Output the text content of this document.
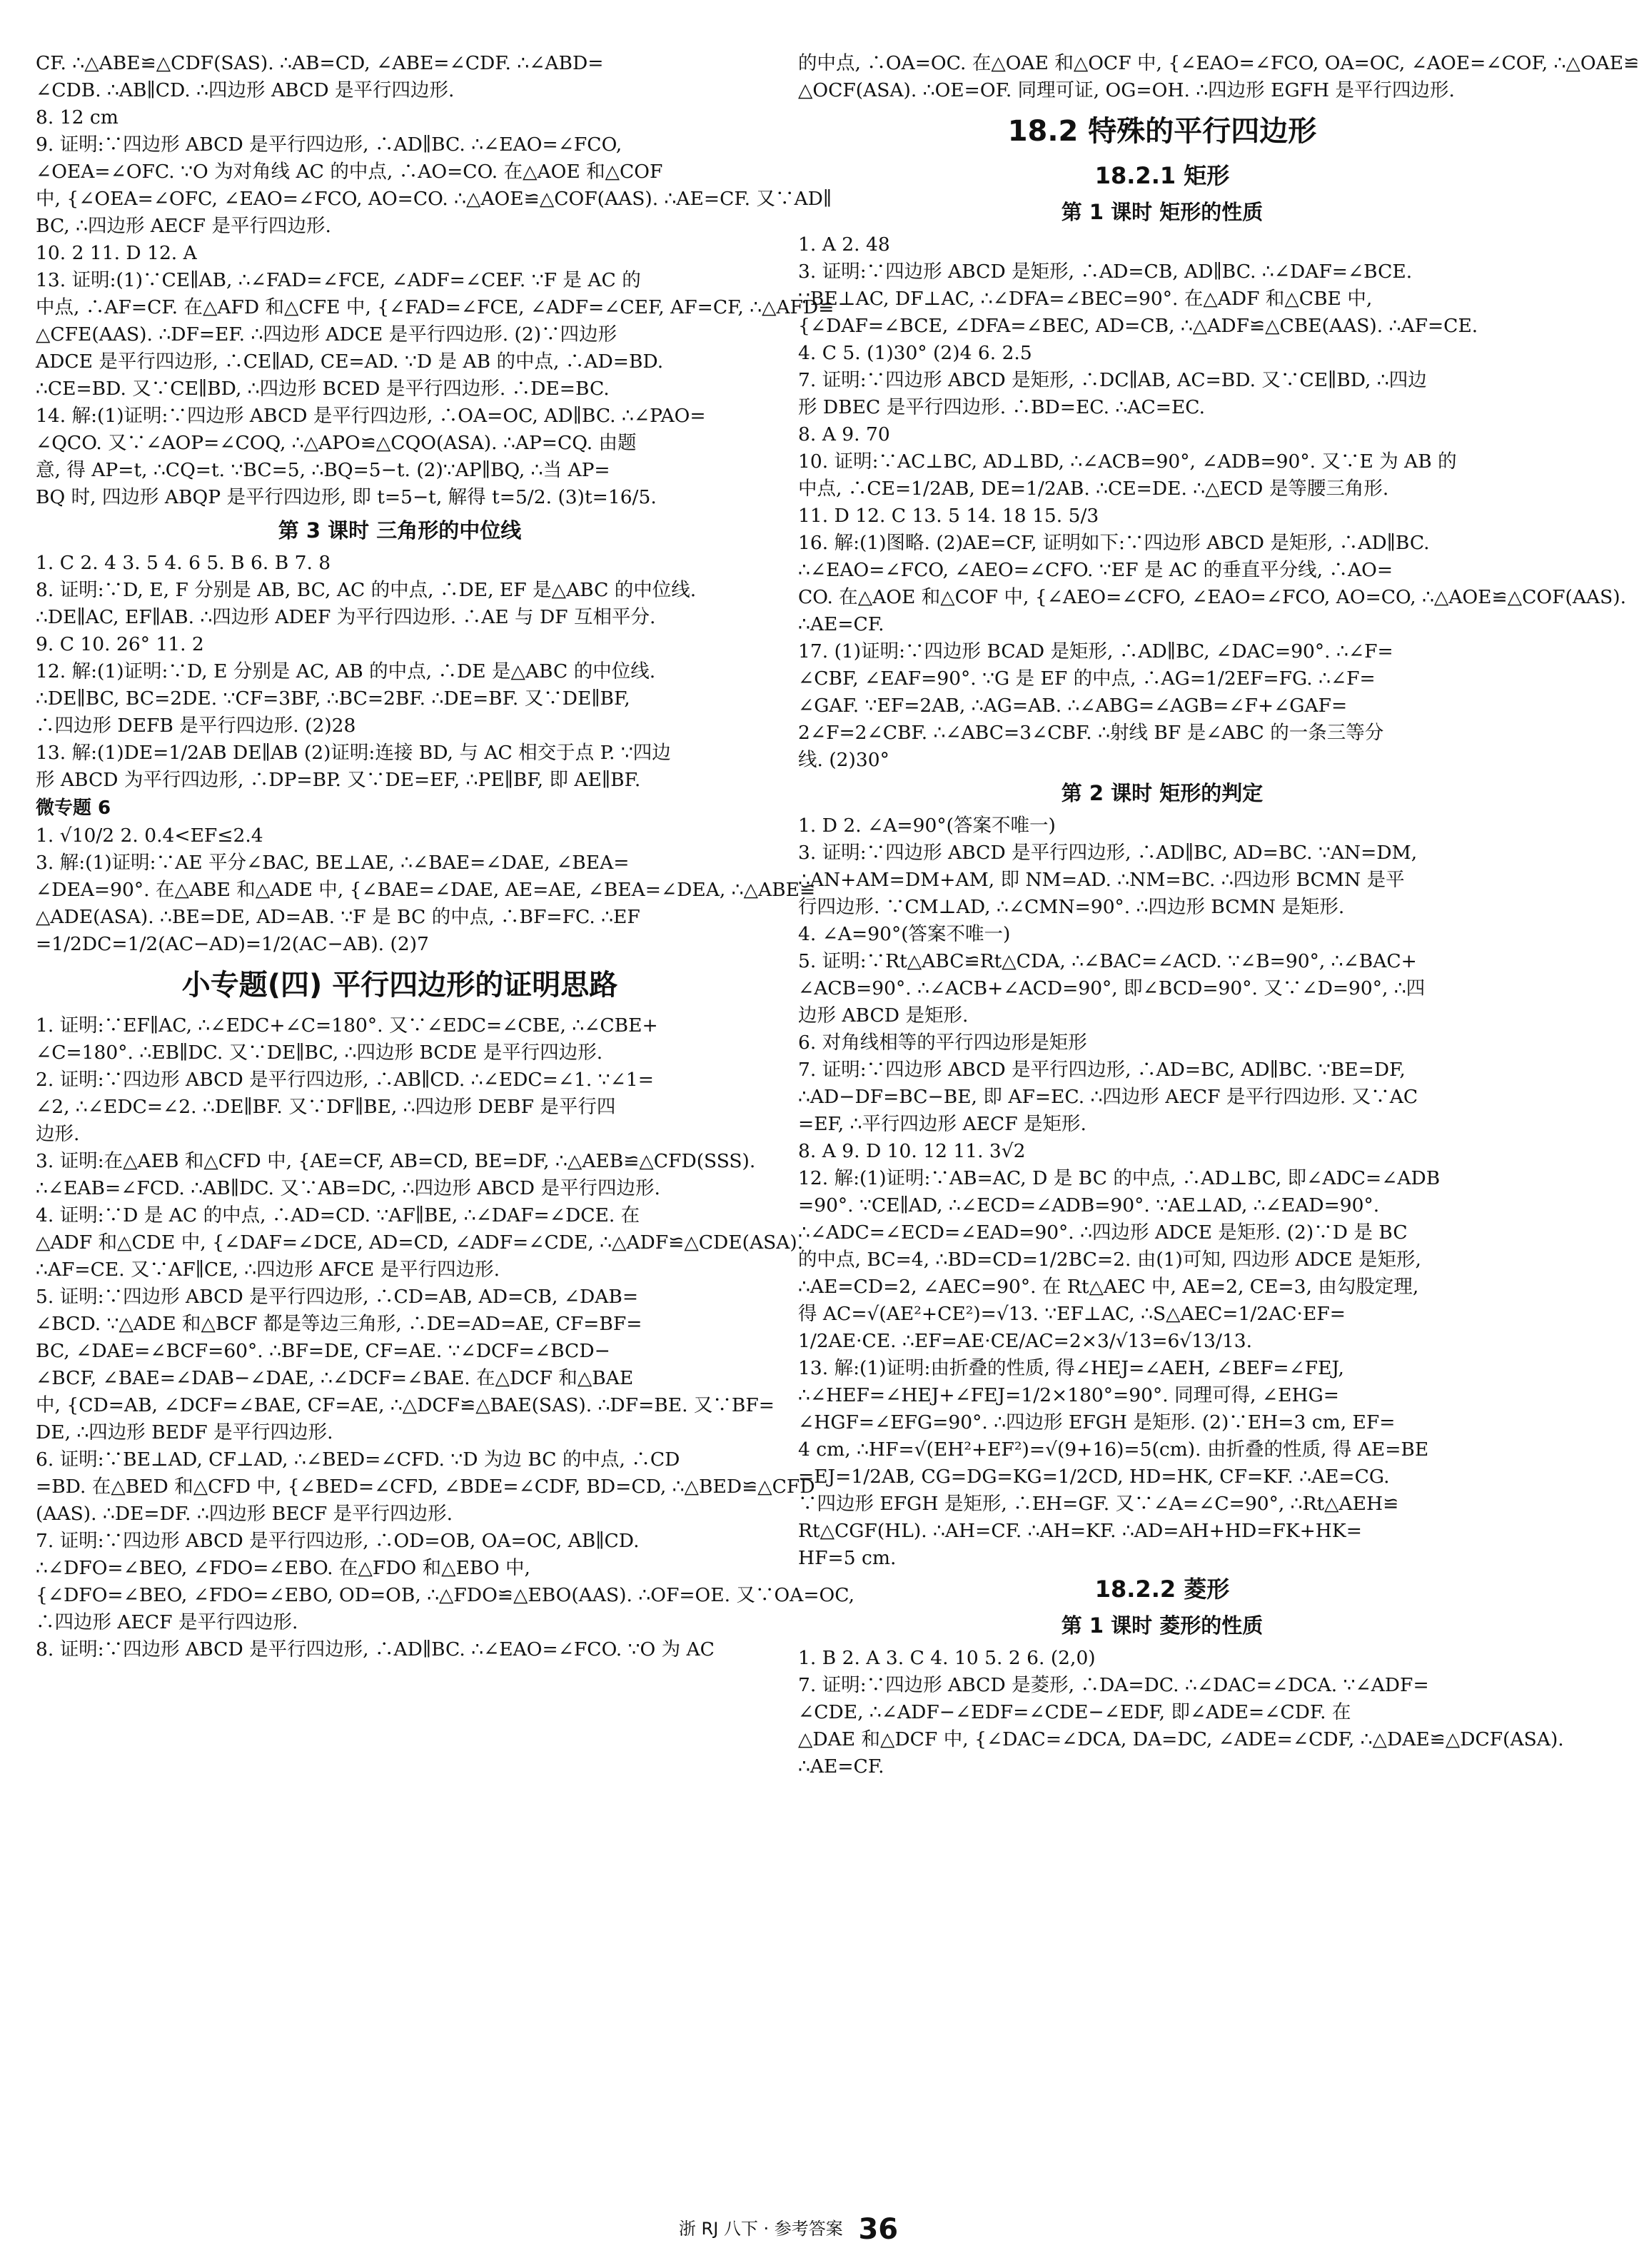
CF. ∴△ABE≌△CDF(SAS). ∴AB=CD, ∠ABE=∠CDF. ∴∠ABD=
∠CDB. ∴AB∥CD. ∴四边形 ABCD 是平行四边形.
8. 12 cm
9. 证明:∵四边形 ABCD 是平行四边形, ∴AD∥BC. ∴∠EAO=∠FCO,
∠OEA=∠OFC. ∵O 为对角线 AC 的中点, ∴AO=CO. 在△AOE 和△COF
中, {∠OEA=∠OFC, ∠EAO=∠FCO, AO=CO. ∴△AOE≌△COF(AAS). ∴AE=CF. 又∵AD∥
BC, ∴四边形 AECF 是平行四边形.
10. 2 11. D 12. A
13. 证明:(1)∵CE∥AB, ∴∠FAD=∠FCE, ∠ADF=∠CEF. ∵F 是 AC 的
中点, ∴AF=CF. 在△AFD 和△CFE 中, {∠FAD=∠FCE, ∠ADF=∠CEF, AF=CF, ∴△AFD≌
△CFE(AAS). ∴DF=EF. ∴四边形 ADCE 是平行四边形. (2)∵四边形
ADCE 是平行四边形, ∴CE∥AD, CE=AD. ∵D 是 AB 的中点, ∴AD=BD.
∴CE=BD. 又∵CE∥BD, ∴四边形 BCED 是平行四边形. ∴DE=BC.
14. 解:(1)证明:∵四边形 ABCD 是平行四边形, ∴OA=OC, AD∥BC. ∴∠PAO=
∠QCO. 又∵∠AOP=∠COQ, ∴△APO≌△CQO(ASA). ∴AP=CQ. 由题
意, 得 AP=t, ∴CQ=t. ∵BC=5, ∴BQ=5−t. (2)∵AP∥BQ, ∴当 AP=
BQ 时, 四边形 ABQP 是平行四边形, 即 t=5−t, 解得 t=5/2. (3)t=16/5.
第 3 课时 三角形的中位线
1. C 2. 4 3. 5 4. 6 5. B 6. B 7. 8
8. 证明:∵D, E, F 分别是 AB, BC, AC 的中点, ∴DE, EF 是△ABC 的中位线.
∴DE∥AC, EF∥AB. ∴四边形 ADEF 为平行四边形. ∴AE 与 DF 互相平分.
9. C 10. 26° 11. 2
12. 解:(1)证明:∵D, E 分别是 AC, AB 的中点, ∴DE 是△ABC 的中位线.
∴DE∥BC, BC=2DE. ∵CF=3BF, ∴BC=2BF. ∴DE=BF. 又∵DE∥BF,
∴四边形 DEFB 是平行四边形. (2)28
13. 解:(1)DE=1/2AB DE∥AB (2)证明:连接 BD, 与 AC 相交于点 P. ∵四边
形 ABCD 为平行四边形, ∴DP=BP. 又∵DE=EF, ∴PE∥BF, 即 AE∥BF.
微专题 6
1. √10/2 2. 0.4<EF≤2.4
3. 解:(1)证明:∵AE 平分∠BAC, BE⊥AE, ∴∠BAE=∠DAE, ∠BEA=
∠DEA=90°. 在△ABE 和△ADE 中, {∠BAE=∠DAE, AE=AE, ∠BEA=∠DEA, ∴△ABE≌
△ADE(ASA). ∴BE=DE, AD=AB. ∵F 是 BC 的中点, ∴BF=FC. ∴EF
=1/2DC=1/2(AC−AD)=1/2(AC−AB). (2)7
小专题(四) 平行四边形的证明思路
1. 证明:∵EF∥AC, ∴∠EDC+∠C=180°. 又∵∠EDC=∠CBE, ∴∠CBE+
∠C=180°. ∴EB∥DC. 又∵DE∥BC, ∴四边形 BCDE 是平行四边形.
2. 证明:∵四边形 ABCD 是平行四边形, ∴AB∥CD. ∴∠EDC=∠1. ∵∠1=
∠2, ∴∠EDC=∠2. ∴DE∥BF. 又∵DF∥BE, ∴四边形 DEBF 是平行四
边形.
3. 证明:在△AEB 和△CFD 中, {AE=CF, AB=CD, BE=DF, ∴△AEB≌△CFD(SSS).
∴∠EAB=∠FCD. ∴AB∥DC. 又∵AB=DC, ∴四边形 ABCD 是平行四边形.
4. 证明:∵D 是 AC 的中点, ∴AD=CD. ∵AF∥BE, ∴∠DAF=∠DCE. 在
△ADF 和△CDE 中, {∠DAF=∠DCE, AD=CD, ∠ADF=∠CDE, ∴△ADF≌△CDE(ASA).
∴AF=CE. 又∵AF∥CE, ∴四边形 AFCE 是平行四边形.
5. 证明:∵四边形 ABCD 是平行四边形, ∴CD=AB, AD=CB, ∠DAB=
∠BCD. ∵△ADE 和△BCF 都是等边三角形, ∴DE=AD=AE, CF=BF=
BC, ∠DAE=∠BCF=60°. ∴BF=DE, CF=AE. ∵∠DCF=∠BCD−
∠BCF, ∠BAE=∠DAB−∠DAE, ∴∠DCF=∠BAE. 在△DCF 和△BAE
中, {CD=AB, ∠DCF=∠BAE, CF=AE, ∴△DCF≌△BAE(SAS). ∴DF=BE. 又∵BF=
DE, ∴四边形 BEDF 是平行四边形.
6. 证明:∵BE⊥AD, CF⊥AD, ∴∠BED=∠CFD. ∵D 为边 BC 的中点, ∴CD
=BD. 在△BED 和△CFD 中, {∠BED=∠CFD, ∠BDE=∠CDF, BD=CD, ∴△BED≌△CFD
(AAS). ∴DE=DF. ∴四边形 BECF 是平行四边形.
7. 证明:∵四边形 ABCD 是平行四边形, ∴OD=OB, OA=OC, AB∥CD.
∴∠DFO=∠BEO, ∠FDO=∠EBO. 在△FDO 和△EBO 中,
{∠DFO=∠BEO, ∠FDO=∠EBO, OD=OB, ∴△FDO≌△EBO(AAS). ∴OF=OE. 又∵OA=OC,
∴四边形 AECF 是平行四边形.
8. 证明:∵四边形 ABCD 是平行四边形, ∴AD∥BC. ∴∠EAO=∠FCO. ∵O 为 AC
的中点, ∴OA=OC. 在△OAE 和△OCF 中, {∠EAO=∠FCO, OA=OC, ∠AOE=∠COF, ∴△OAE≌
△OCF(ASA). ∴OE=OF. 同理可证, OG=OH. ∴四边形 EGFH 是平行四边形.
18.2 特殊的平行四边形
18.2.1 矩形
第 1 课时 矩形的性质
1. A 2. 48
3. 证明:∵四边形 ABCD 是矩形, ∴AD=CB, AD∥BC. ∴∠DAF=∠BCE.
∵BE⊥AC, DF⊥AC, ∴∠DFA=∠BEC=90°. 在△ADF 和△CBE 中,
{∠DAF=∠BCE, ∠DFA=∠BEC, AD=CB, ∴△ADF≌△CBE(AAS). ∴AF=CE.
4. C 5. (1)30° (2)4 6. 2.5
7. 证明:∵四边形 ABCD 是矩形, ∴DC∥AB, AC=BD. 又∵CE∥BD, ∴四边
形 DBEC 是平行四边形. ∴BD=EC. ∴AC=EC.
8. A 9. 70
10. 证明:∵AC⊥BC, AD⊥BD, ∴∠ACB=90°, ∠ADB=90°. 又∵E 为 AB 的
中点, ∴CE=1/2AB, DE=1/2AB. ∴CE=DE. ∴△ECD 是等腰三角形.
11. D 12. C 13. 5 14. 18 15. 5/3
16. 解:(1)图略. (2)AE=CF, 证明如下:∵四边形 ABCD 是矩形, ∴AD∥BC.
∴∠EAO=∠FCO, ∠AEO=∠CFO. ∵EF 是 AC 的垂直平分线, ∴AO=
CO. 在△AOE 和△COF 中, {∠AEO=∠CFO, ∠EAO=∠FCO, AO=CO, ∴△AOE≌△COF(AAS).
∴AE=CF.
17. (1)证明:∵四边形 BCAD 是矩形, ∴AD∥BC, ∠DAC=90°. ∴∠F=
∠CBF, ∠EAF=90°. ∵G 是 EF 的中点, ∴AG=1/2EF=FG. ∴∠F=
∠GAF. ∵EF=2AB, ∴AG=AB. ∴∠ABG=∠AGB=∠F+∠GAF=
2∠F=2∠CBF. ∴∠ABC=3∠CBF. ∴射线 BF 是∠ABC 的一条三等分
线. (2)30°
第 2 课时 矩形的判定
1. D 2. ∠A=90°(答案不唯一)
3. 证明:∵四边形 ABCD 是平行四边形, ∴AD∥BC, AD=BC. ∵AN=DM,
∴AN+AM=DM+AM, 即 NM=AD. ∴NM=BC. ∴四边形 BCMN 是平
行四边形. ∵CM⊥AD, ∴∠CMN=90°. ∴四边形 BCMN 是矩形.
4. ∠A=90°(答案不唯一)
5. 证明:∵Rt△ABC≌Rt△CDA, ∴∠BAC=∠ACD. ∵∠B=90°, ∴∠BAC+
∠ACB=90°. ∴∠ACB+∠ACD=90°, 即∠BCD=90°. 又∵∠D=90°, ∴四
边形 ABCD 是矩形.
6. 对角线相等的平行四边形是矩形
7. 证明:∵四边形 ABCD 是平行四边形, ∴AD=BC, AD∥BC. ∵BE=DF,
∴AD−DF=BC−BE, 即 AF=EC. ∴四边形 AECF 是平行四边形. 又∵AC
=EF, ∴平行四边形 AECF 是矩形.
8. A 9. D 10. 12 11. 3√2
12. 解:(1)证明:∵AB=AC, D 是 BC 的中点, ∴AD⊥BC, 即∠ADC=∠ADB
=90°. ∵CE∥AD, ∴∠ECD=∠ADB=90°. ∵AE⊥AD, ∴∠EAD=90°.
∴∠ADC=∠ECD=∠EAD=90°. ∴四边形 ADCE 是矩形. (2)∵D 是 BC
的中点, BC=4, ∴BD=CD=1/2BC=2. 由(1)可知, 四边形 ADCE 是矩形,
∴AE=CD=2, ∠AEC=90°. 在 Rt△AEC 中, AE=2, CE=3, 由勾股定理,
得 AC=√(AE²+CE²)=√13. ∵EF⊥AC, ∴S△AEC=1/2AC·EF=
1/2AE·CE. ∴EF=AE·CE/AC=2×3/√13=6√13/13.
13. 解:(1)证明:由折叠的性质, 得∠HEJ=∠AEH, ∠BEF=∠FEJ,
∴∠HEF=∠HEJ+∠FEJ=1/2×180°=90°. 同理可得, ∠EHG=
∠HGF=∠EFG=90°. ∴四边形 EFGH 是矩形. (2)∵EH=3 cm, EF=
4 cm, ∴HF=√(EH²+EF²)=√(9+16)=5(cm). 由折叠的性质, 得 AE=BE
=EJ=1/2AB, CG=DG=KG=1/2CD, HD=HK, CF=KF. ∴AE=CG.
∵四边形 EFGH 是矩形, ∴EH=GF. 又∵∠A=∠C=90°, ∴Rt△AEH≌
Rt△CGF(HL). ∴AH=CF. ∴AH=KF. ∴AD=AH+HD=FK+HK=
HF=5 cm.
18.2.2 菱形
第 1 课时 菱形的性质
1. B 2. A 3. C 4. 10 5. 2 6. (2,0)
7. 证明:∵四边形 ABCD 是菱形, ∴DA=DC. ∴∠DAC=∠DCA. ∵∠ADF=
∠CDE, ∴∠ADF−∠EDF=∠CDE−∠EDF, 即∠ADE=∠CDF. 在
△DAE 和△DCF 中, {∠DAC=∠DCA, DA=DC, ∠ADE=∠CDF, ∴△DAE≌△DCF(ASA).
∴AE=CF.
浙 RJ 八下 · 参考答案 36
